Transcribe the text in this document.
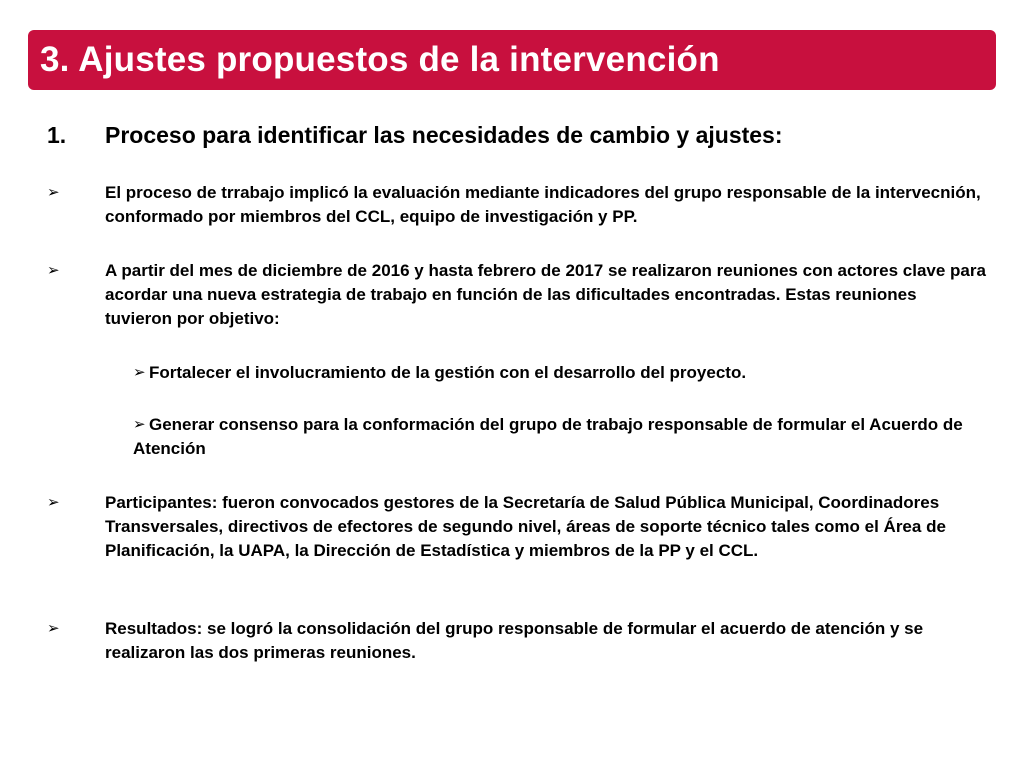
3. Ajustes propuestos de la intervención
1.	Proceso para identificar las necesidades de cambio y ajustes:
➢	El proceso de trrabajo implicó la evaluación mediante indicadores del grupo responsable de la intervecnión, conformado por miembros del CCL, equipo de investigación y PP.
➢	A partir del mes de diciembre de 2016 y hasta febrero de 2017 se realizaron reuniones con actores clave para acordar una nueva estrategia de trabajo en función de las dificultades encontradas. Estas reuniones tuvieron por objetivo:
➢ Fortalecer el involucramiento de la gestión con el desarrollo del proyecto.
Generar consenso para la conformación del grupo de trabajo responsable de formular el Acuerdo de Atención
➢
➢	Participantes: fueron convocados gestores de la Secretaría de Salud Pública Municipal, Coordinadores Transversales, directivos de efectores de segundo nivel, áreas de soporte técnico tales como el Área de Planificación, la UAPA, la Dirección de Estadística y miembros de la PP y el CCL.
➢	Resultados: se logró la consolidación del grupo responsable de formular el acuerdo de atención y se realizaron las dos primeras reuniones.
